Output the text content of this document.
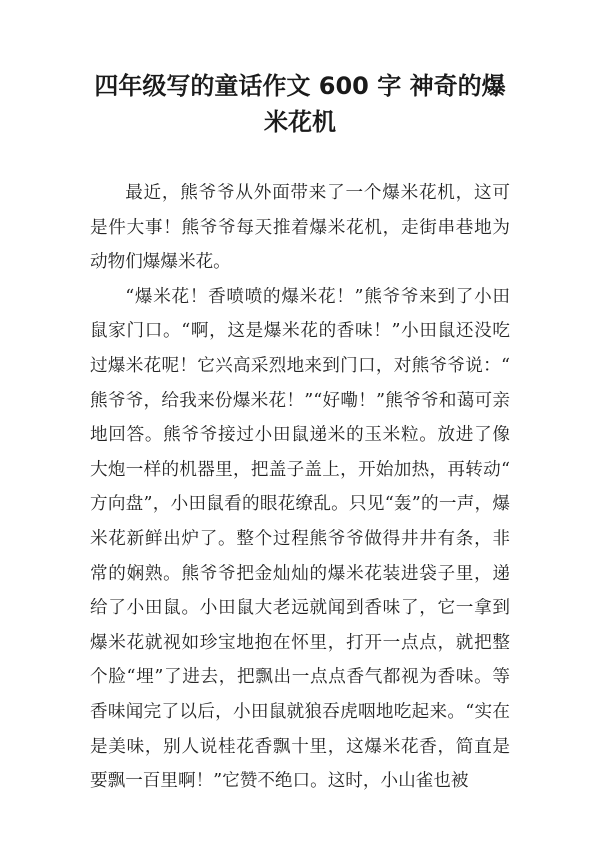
四年级写的童话作文 600 字 神奇的爆米花机

最近，熊爷爷从外面带来了一个爆米花机，这可是件大事！熊爷爷每天推着爆米花机，走街串巷地为动物们爆爆米花。

“爆米花！香喷喷的爆米花！”熊爷爷来到了小田鼠家门口。“啊，这是爆米花的香味！”小田鼠还没吃过爆米花呢！它兴高采烈地来到门口，对熊爷爷说：“熊爷爷，给我来份爆米花！”“好嘞！”熊爷爷和蔼可亲地回答。熊爷爷接过小田鼠递米的玉米粒。放进了像大炮一样的机器里，把盖子盖上，开始加热，再转动“方向盘”，小田鼠看的眼花缭乱。只见“轰”的一声，爆米花新鲜出炉了。整个过程熊爷爷做得井井有条，非常的娴熟。熊爷爷把金灿灿的爆米花装进袋子里，递给了小田鼠。小田鼠大老远就闻到香味了，它一拿到爆米花就视如珍宝地抱在怀里，打开一点点，就把整个脸“埋”了进去，把飘出一点点香气都视为香味。等香味闻完了以后，小田鼠就狼吞虎咽地吃起来。“实在是美味，别人说桂花香飘十里，这爆米花香，简直是要飘一百里啊！”它赞不绝口。这时，小山雀也被
